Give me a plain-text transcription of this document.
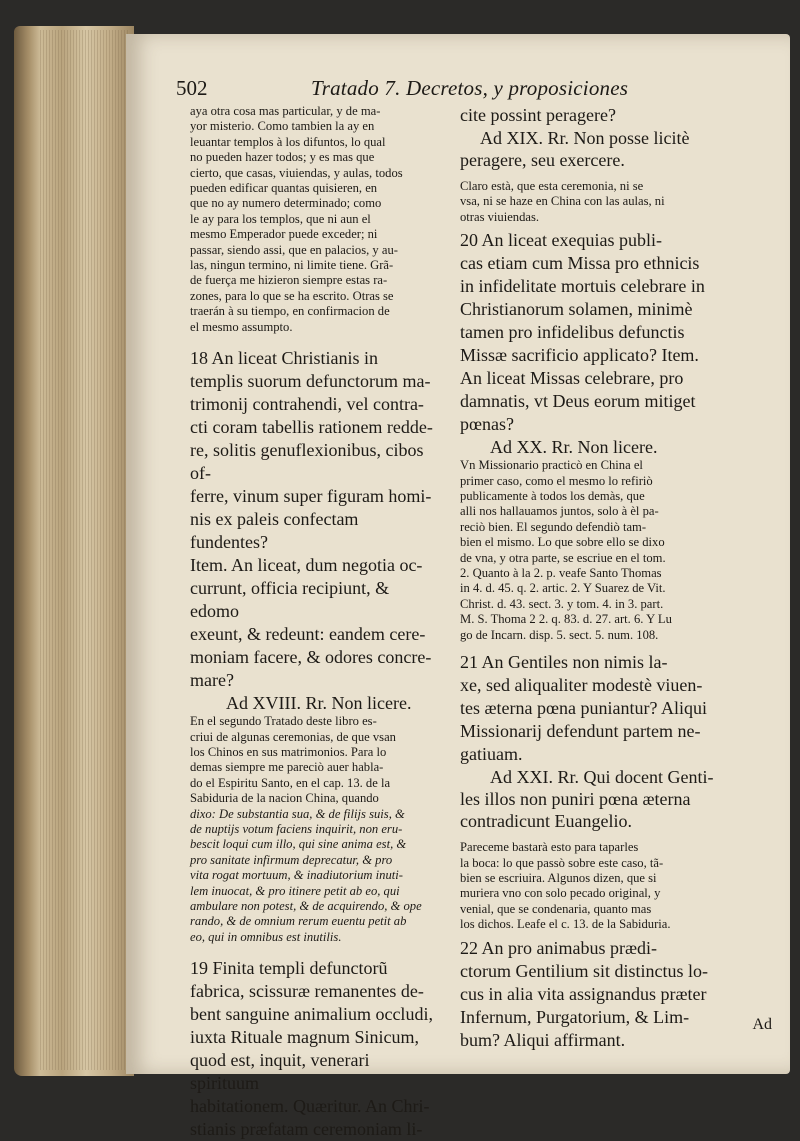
502	Tratado 7. Decretos, y proposiciones

aya otra cosa mas particular, y de ma-

yor misterio. Como tambien la ay en

leuantar templos à los difuntos, lo qual

no pueden hazer todos; y es mas que

cierto, que casas, viuiendas, y aulas, todos

pueden edificar quantas quisieren, en

que no ay numero determinado; como

le ay para los templos, que ni aun el

mesmo Emperador puede exceder; ni

passar, siendo assi, que en palacios, y au-

las, ningun termino, ni limite tiene. Grã-

de fuerça me hizieron siempre estas ra-

zones, para lo que se ha escrito. Otras se

traerán à su tiempo, en confirmacion de

el mesmo assumpto.

18 An liceat Christianis in

templis suorum defunctorum ma-

trimonij contrahendi, vel contra-

cti coram tabellis rationem redde-

re, solitis genuflexionibus, cibos of-

ferre, vinum super figuram homi-

nis ex paleis confectam fundentes?

Item. An liceat, dum negotia oc-

currunt, officia recipiunt, & edomo

exeunt, & redeunt: eandem cere-

moniam facere, & odores concre-

mare?

Ad XVIII. Rr. Non licere.

En el segundo Tratado deste libro es-

criui de algunas ceremonias, de que vsan

los Chinos en sus matrimonios. Para lo

demas siempre me pareciò auer habla-

do el Espiritu Santo, en el cap. 13. de la

Sabiduria de la nacion China, quando

dixo: De substantia sua, & de filijs suis, &

de nuptijs votum faciens inquirit, non eru-

bescit loqui cum illo, qui sine anima est, &

pro sanitate infirmum deprecatur, & pro

vita rogat mortuum, & inadiutorium inuti-

lem inuocat, & pro itinere petit ab eo, qui

ambulare non potest, & de acquirendo, & ope

rando, & de omnium rerum euentu petit ab

eo, qui in omnibus est inutilis.

19 Finita templi defunctorũ

fabrica, scissuræ remanentes de-

bent sanguine animalium occludi,

iuxta Rituale magnum Sinicum,

quod est, inquit, venerari spirituum

habitationem. Quæritur. An Chri-

stianis præfatam ceremoniam li-

cite possint peragere?

Ad XIX. Rr. Non posse licitè

peragere, seu exercere.

Claro està, que esta ceremonia, ni se

vsa, ni se haze en China con las aulas, ni

otras viuiendas.

20 An liceat exequias publi-

cas etiam cum Missa pro ethnicis

in infidelitate mortuis celebrare in

Christianorum solamen, minimè

tamen pro infidelibus defunctis

Missæ sacrificio applicato? Item.

An liceat Missas celebrare, pro

damnatis, vt Deus eorum mitiget

pœnas?

Ad XX. Rr. Non licere.

Vn Missionario practicò en China el

primer caso, como el mesmo lo refiriò

publicamente à todos los demàs, que

alli nos hallauamos juntos, solo à èl pa-

reciò bien. El segundo defendiò tam-

bien el mismo. Lo que sobre ello se dixo

de vna, y otra parte, se escriue en el tom.

2. Quanto à la 2. p. veafe Santo Thomas

in 4. d. 45. q. 2. artic. 2. Y Suarez de Vit.

Christ. d. 43. sect. 3. y tom. 4. in 3. part.

M. S. Thoma 2 2. q. 83. d. 27. art. 6. Y Lu

go de Incarn. disp. 5. sect. 5. num. 108.

21 An Gentiles non nimis la-

xe, sed aliqualiter modestè viuen-

tes æterna pœna puniantur? Aliqui

Missionarij defendunt partem ne-

gatiuam.

Ad XXI. Rr. Qui docent Genti-

les illos non puniri pœna æterna

contradicunt Euangelio.

Pareceme bastarà esto para taparles

la boca: lo que passò sobre este caso, tã-

bien se escriuira. Algunos dizen, que si

muriera vno con solo pecado original, y

venial, que se condenaria, quanto mas

los dichos. Leafe el c. 13. de la Sabiduria.

22 An pro animabus prædi-

ctorum Gentilium sit distinctus lo-

cus in alia vita assignandus præter

Infernum, Purgatorium, & Lim-

bum? Aliqui affirmant.

Ad
